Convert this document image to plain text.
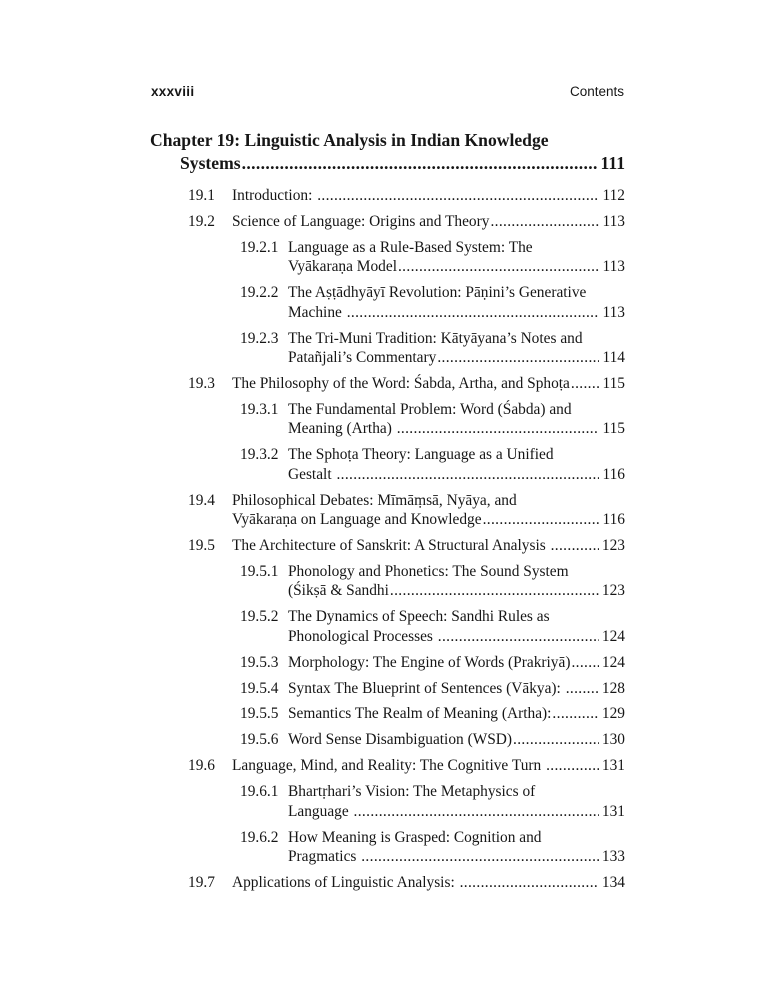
xxxviii	Contents
Chapter 19: Linguistic Analysis in Indian Knowledge
Systems .....	111
19.1	Introduction: .....	112
19.2	Science of Language: Origins and Theory .....	113
19.2.1 Language as a Rule-Based System: The
Vyākaraṇa Model .....	113
19.2.2 The Aṣṭādhyāyī Revolution: Pāṇini’s Generative
Machine .....	113
19.2.3 The Tri-Muni Tradition: Kātyāyana’s Notes and
Patañjali’s Commentary .....	114
19.3	The Philosophy of the Word: Śabda, Artha, and Sphoṭa ..... 115
19.3.1 The Fundamental Problem: Word (Śabda) and
Meaning (Artha) .....	115
19.3.2 The Sphoṭa Theory: Language as a Unified
Gestalt .....	116
19.4	Philosophical Debates: Mīmāṃsā, Nyāya, and
Vyākaraṇa on Language and Knowledge .....	116
19.5	The Architecture of Sanskrit: A Structural Analysis .....	123
19.5.1 Phonology and Phonetics: The Sound System
(Śikṣā & Sandhi .....	123
19.5.2 The Dynamics of Speech: Sandhi Rules as
Phonological Processes .....	124
19.5.3 Morphology: The Engine of Words (Prakriyā) ..... 124
19.5.4 Syntax The Blueprint of Sentences (Vākya): ..... 128
19.5.5 Semantics The Realm of Meaning (Artha): .....	129
19.5.6 Word Sense Disambiguation (WSD) .....	130
19.6	Language, Mind, and Reality: The Cognitive Turn .....	131
19.6.1 Bhartṛhari’s Vision: The Metaphysics of
Language .....	131
19.6.2 How Meaning is Grasped: Cognition and
Pragmatics .....	133
19.7	Applications of Linguistic Analysis: .....	134
